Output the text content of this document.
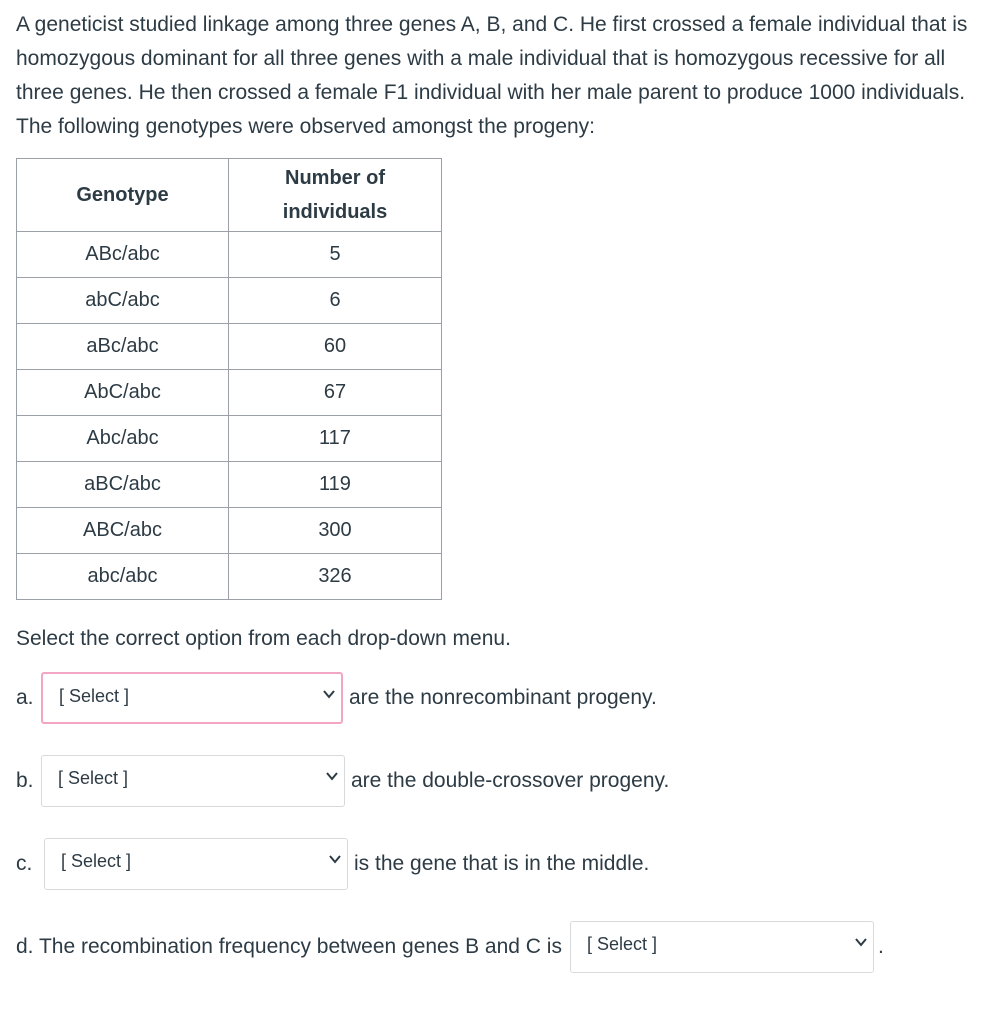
A geneticist studied linkage among three genes A, B, and C. He first crossed a female individual that is homozygous dominant for all three genes with a male individual that is homozygous recessive for all three genes. He then crossed a female F1 individual with her male parent to produce 1000 individuals. The following genotypes were observed amongst the progeny:

Genotype	Number of individuals
ABc/abc	5
abC/abc	6
aBc/abc	60
AbC/abc	67
Abc/abc	117
aBC/abc	119
ABC/abc	300
abc/abc	326

Select the correct option from each drop-down menu.

a.	[ Select ]	are the nonrecombinant progeny.
b.	[ Select ]	are the double-crossover progeny.
c.	[ Select ]	is the gene that is in the middle.
d. The recombination frequency between genes B and C is	[ Select ]	.
